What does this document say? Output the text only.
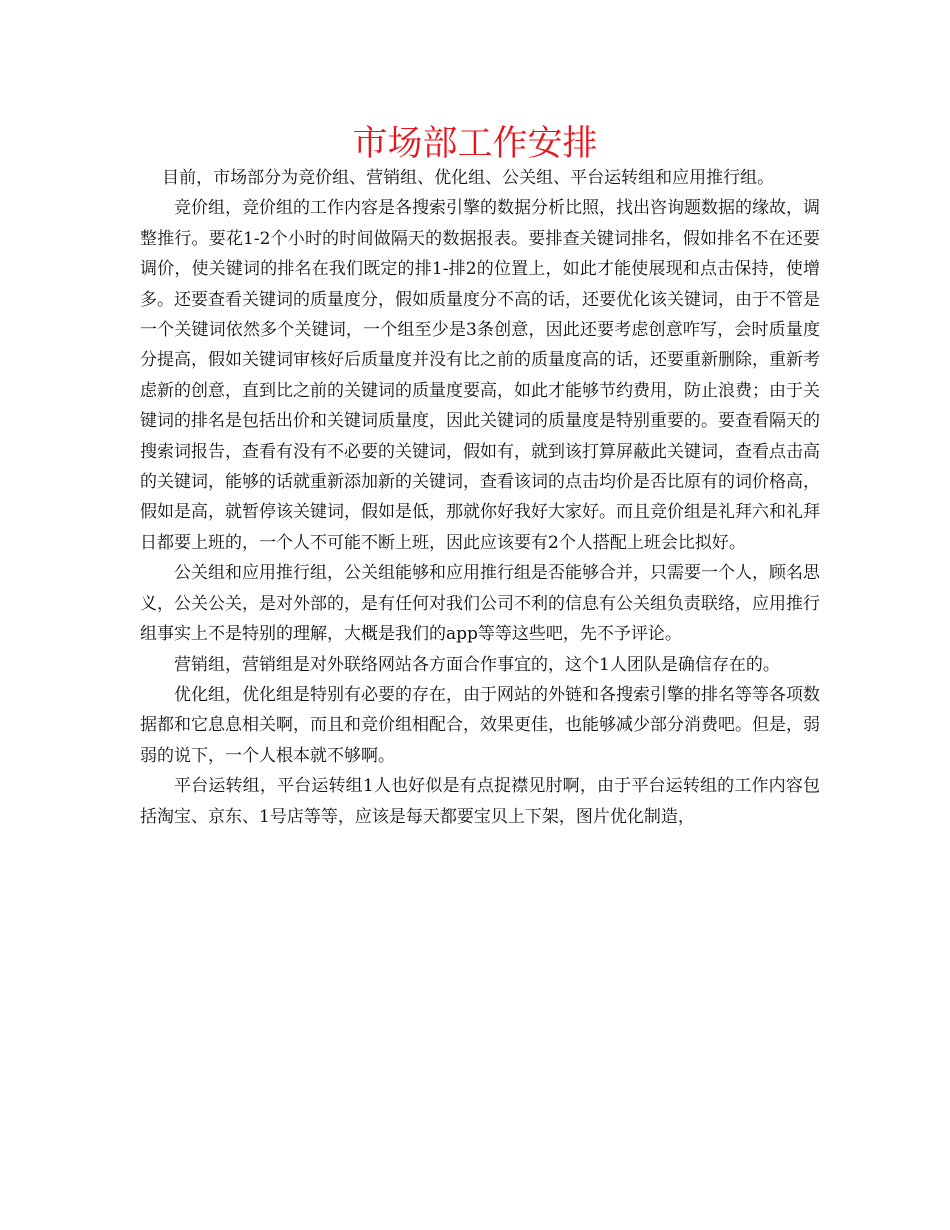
市场部工作安排

目前，市场部分为竞价组、营销组、优化组、公关组、平台运转组和应用推行组。

竞价组，竞价组的工作内容是各搜索引擎的数据分析比照，找出咨询题数据的缘故，调整推行。要花1-2个小时的时间做隔天的数据报表。要排查关键词排名，假如排名不在还要调价，使关键词的排名在我们既定的排1-排2的位置上，如此才能使展现和点击保持，使增多。还要查看关键词的质量度分，假如质量度分不高的话，还要优化该关键词，由于不管是一个关键词依然多个关键词，一个组至少是3条创意，因此还要考虑创意咋写，会时质量度分提高，假如关键词审核好后质量度并没有比之前的质量度高的话，还要重新删除，重新考虑新的创意，直到比之前的关键词的质量度要高，如此才能够节约费用，防止浪费；由于关键词的排名是包括出价和关键词质量度，因此关键词的质量度是特别重要的。要查看隔天的搜索词报告，查看有没有不必要的关键词，假如有，就到该打算屏蔽此关键词，查看点击高的关键词，能够的话就重新添加新的关键词，查看该词的点击均价是否比原有的词价格高，假如是高，就暂停该关键词，假如是低，那就你好我好大家好。而且竞价组是礼拜六和礼拜日都要上班的，一个人不可能不断上班，因此应该要有2个人搭配上班会比拟好。

公关组和应用推行组，公关组能够和应用推行组是否能够合并，只需要一个人，顾名思义，公关公关，是对外部的，是有任何对我们公司不利的信息有公关组负责联络，应用推行组事实上不是特别的理解，大概是我们的app等等这些吧，先不予评论。

营销组，营销组是对外联络网站各方面合作事宜的，这个1人团队是确信存在的。

优化组，优化组是特别有必要的存在，由于网站的外链和各搜索引擎的排名等等各项数据都和它息息相关啊，而且和竞价组相配合，效果更佳，也能够减少部分消费吧。但是，弱弱的说下，一个人根本就不够啊。

平台运转组，平台运转组1人也好似是有点捉襟见肘啊，由于平台运转组的工作内容包括淘宝、京东、1号店等等，应该是每天都要宝贝上下架，图片优化制造，
